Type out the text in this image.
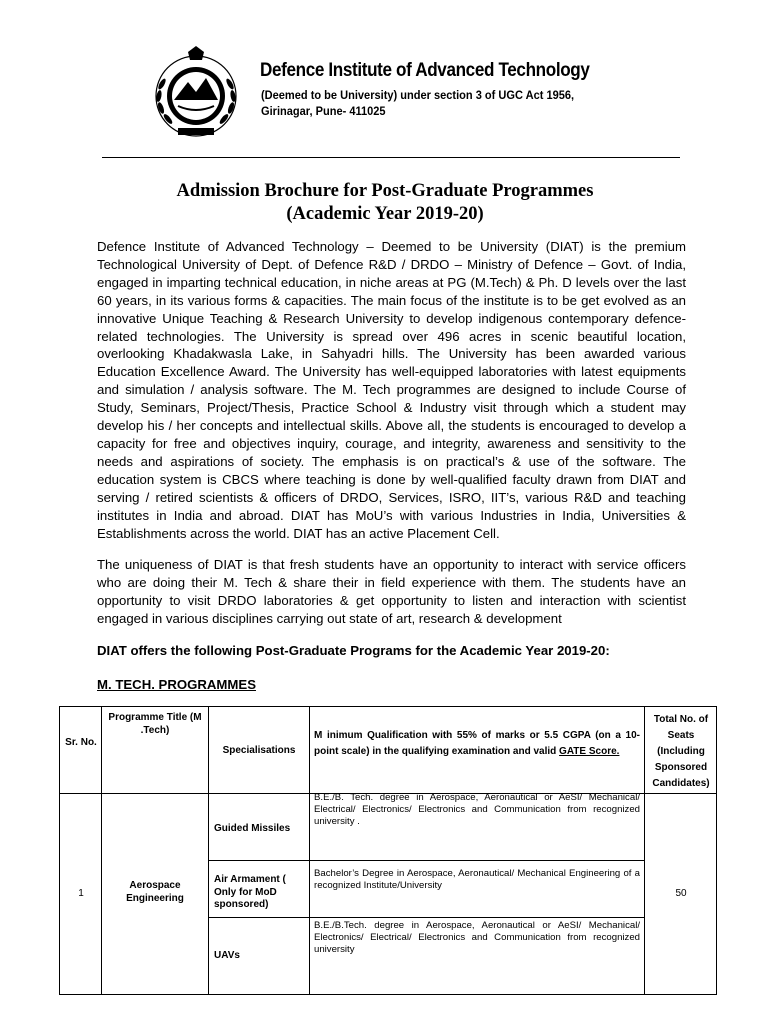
Defence Institute of Advanced Technology
(Deemed to be University) under section 3 of UGC Act 1956,
Girinagar, Pune- 411025
Admission Brochure for Post-Graduate Programmes
(Academic Year 2019-20)
Defence Institute of Advanced Technology – Deemed to be University (DIAT) is the premium Technological University of Dept. of Defence R&D / DRDO – Ministry of Defence – Govt. of India, engaged in imparting technical education, in niche areas at PG (M.Tech) & Ph. D levels over the last 60 years, in its various forms & capacities. The main focus of the institute is to be get evolved as an innovative Unique Teaching & Research University to develop indigenous contemporary defence-related technologies. The University is spread over 496 acres in scenic beautiful location, overlooking Khadakwasla Lake, in Sahyadri hills. The University has been awarded various Education Excellence Award. The University has well-equipped laboratories with latest equipments and simulation / analysis software. The M. Tech programmes are designed to include Course of Study, Seminars, Project/Thesis, Practice School & Industry visit through which a student may develop his / her concepts and intellectual skills. Above all, the students is encouraged to develop a capacity for free and objectives inquiry, courage, and integrity, awareness and sensitivity to the needs and aspirations of society. The emphasis is on practical’s & use of the software. The education system is CBCS where teaching is done by well-qualified faculty drawn from DIAT and serving / retired scientists & officers of DRDO, Services, ISRO, IIT’s, various R&D and teaching institutes in India and abroad. DIAT has MoU’s with various Industries in India, Universities & Establishments across the world. DIAT has an active Placement Cell.
The uniqueness of DIAT is that fresh students have an opportunity to interact with service officers who are doing their M. Tech & share their in field experience with them. The students have an opportunity to visit DRDO laboratories & get opportunity to listen and interaction with scientist engaged in various disciplines carrying out state of art, research & development
DIAT offers the following Post-Graduate Programs for the Academic Year 2019-20:
M. TECH. PROGRAMMES
Sr. No.
Programme Title (M .Tech)
Specialisations
M inimum Qualification with 55% of marks or 5.5 CGPA (on a 10-point scale) in the qualifying examination and valid GATE Score.
Total No. of Seats (Including Sponsored Candidates)
1
Aerospace Engineering	50
Guided Missiles
B.E./B. Tech. degree in Aerospace, Aeronautical or AeSI/ Mechanical/ Electrical/ Electronics/ Electronics and Communication from recognized university .
Air Armament ( Only for MoD sponsored)
Bachelor’s Degree in Aerospace, Aeronautical/ Mechanical Engineering of a recognized Institute/University
UAVs
B.E./B.Tech. degree in Aerospace, Aeronautical or AeSI/ Mechanical/ Electronics/ Electrical/ Electronics and Communication from recognized university
